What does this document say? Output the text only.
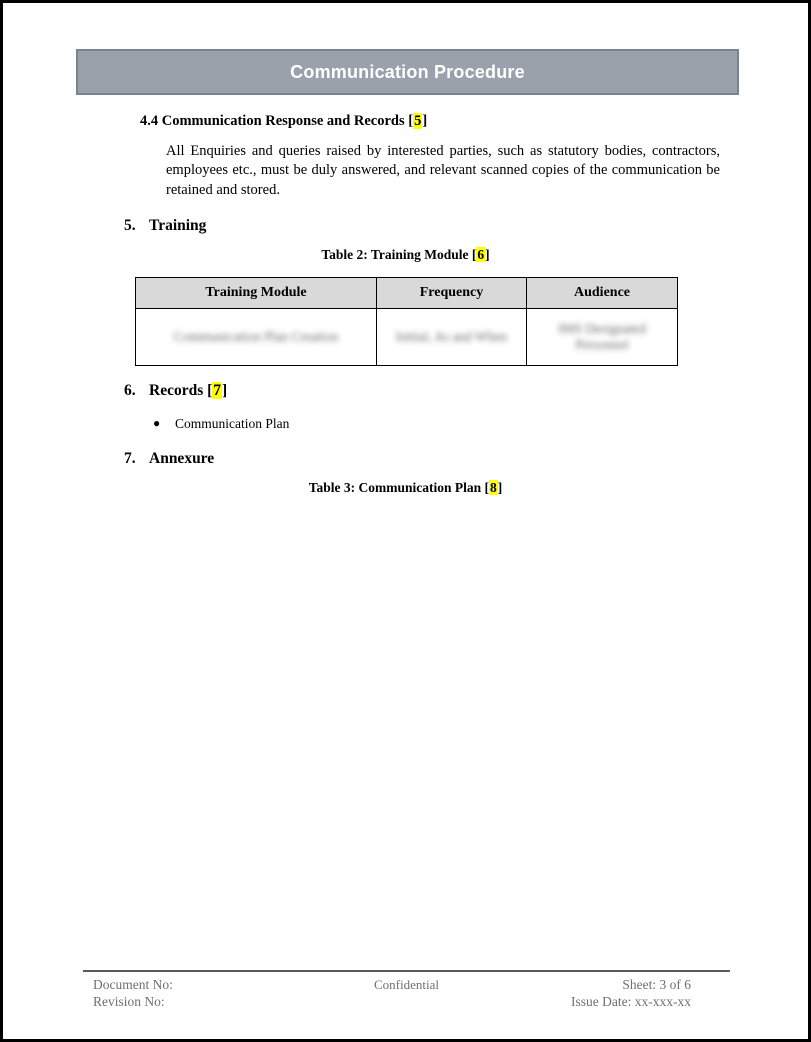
Communication Procedure
4.4 Communication Response and Records [5]
All Enquiries and queries raised by interested parties, such as statutory bodies, contractors, employees etc., must be duly answered, and relevant scanned copies of the communication be retained and stored.
5. Training
Table 2: Training Module [6]
Training Module	Frequency	Audience
Communication Plan Creation	Initial, As and When	IMS Designated Personnel
6. Records [7]
● Communication Plan
7. Annexure
Table 3: Communication Plan [8]
Document No:
Revision No:
Confidential	Sheet: 3 of 6
Issue Date: xx-xxx-xx
